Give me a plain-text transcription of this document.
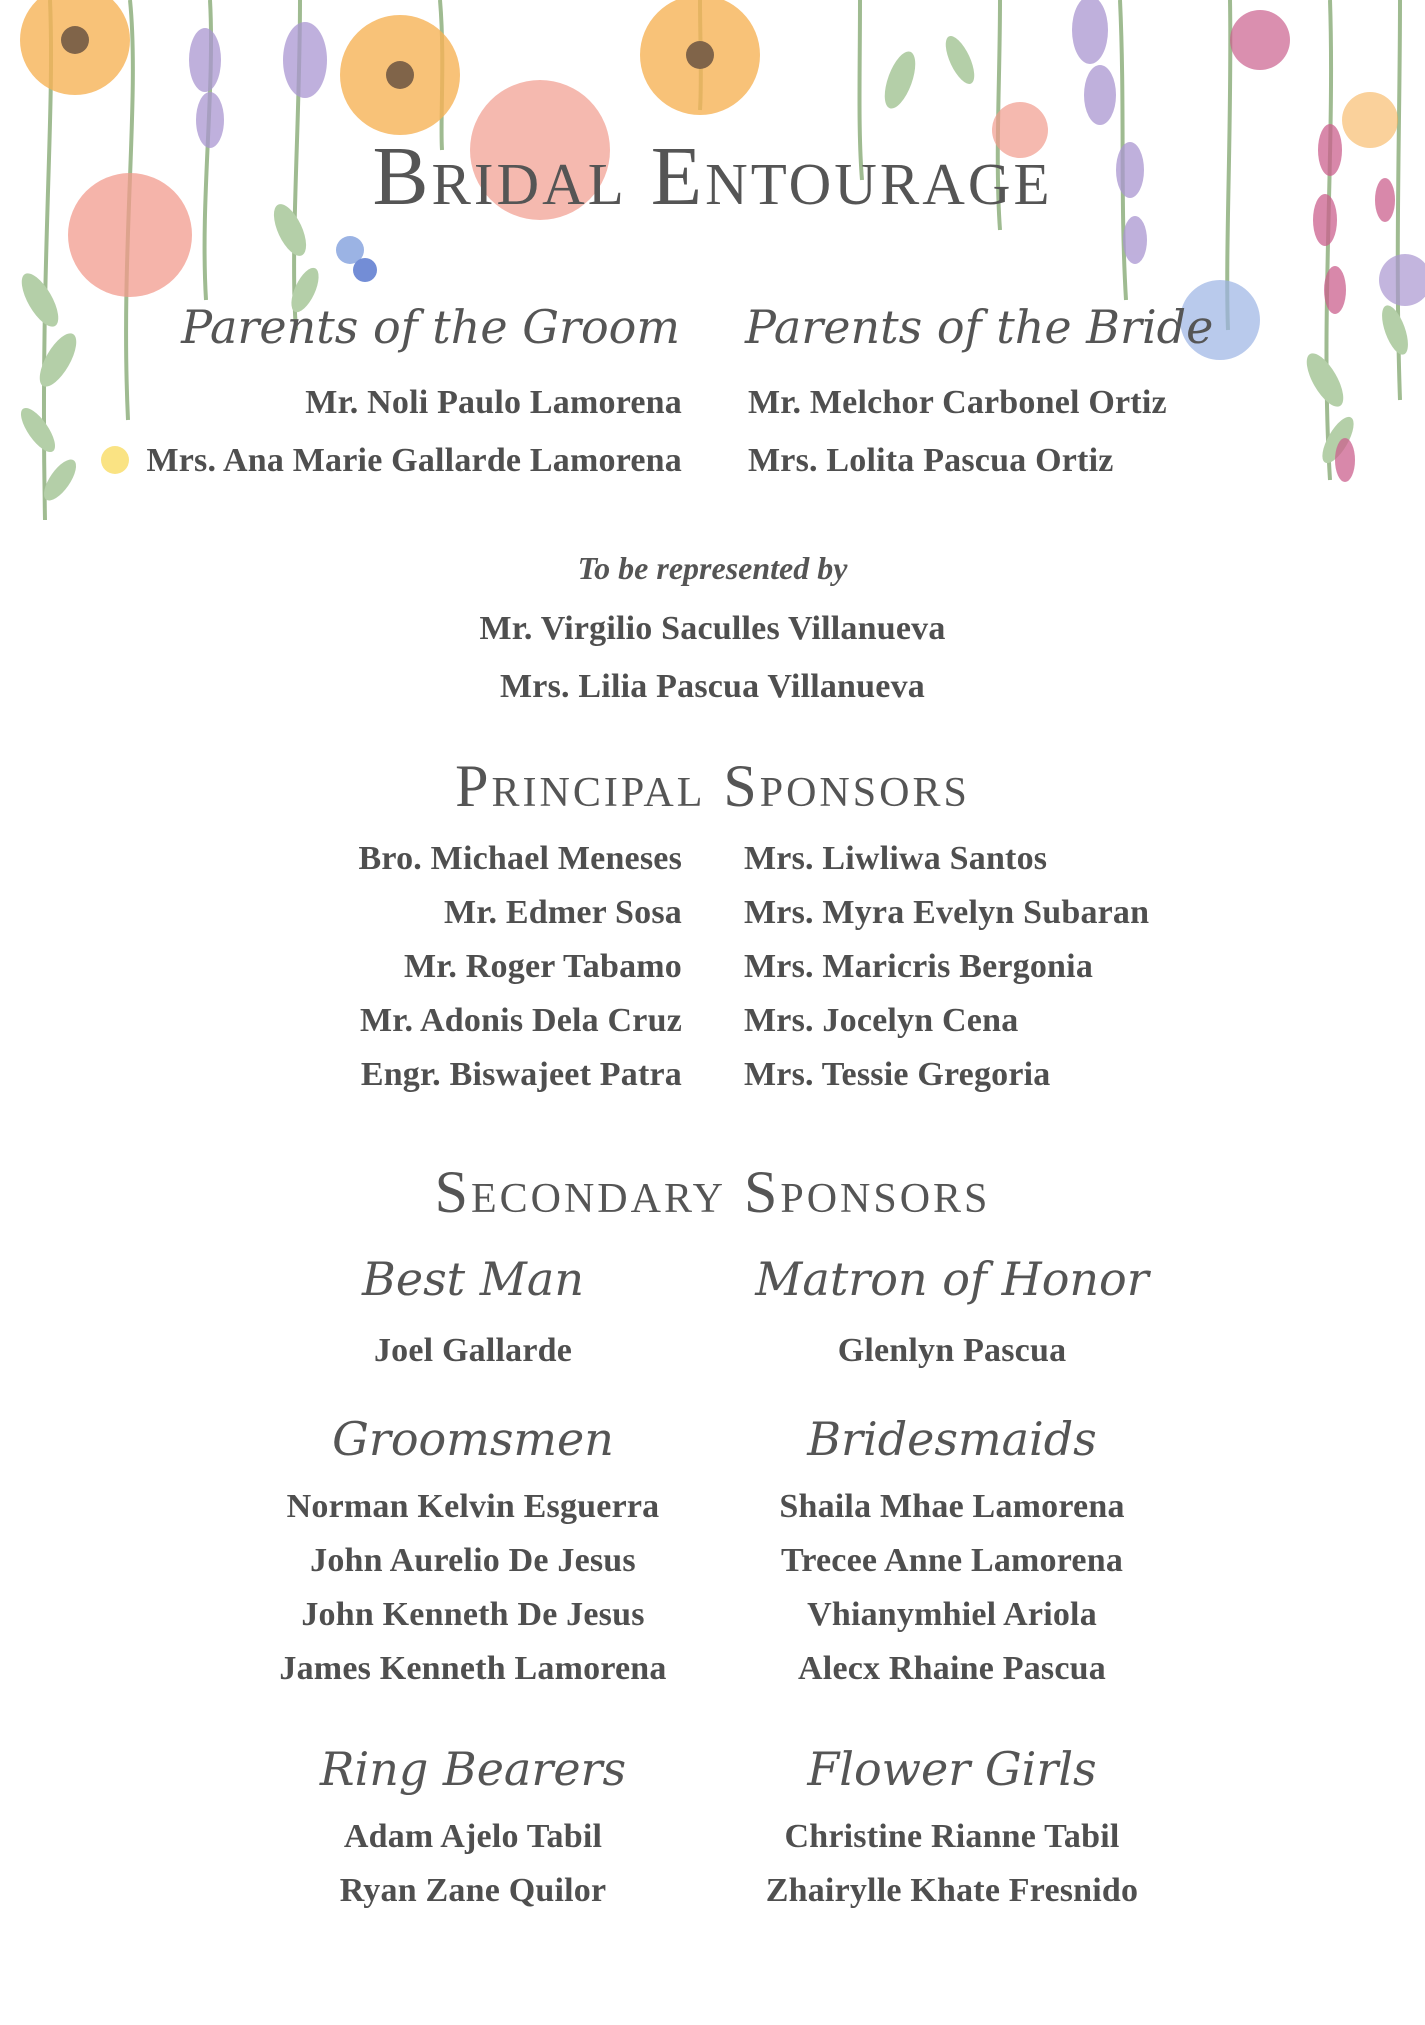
Bridal Entourage
Parents of the Groom Parents of the Bride
Mr. Noli Paulo Lamorena
Mrs. Ana Marie Gallarde Lamorena
Mr. Melchor Carbonel Ortiz
Mrs. Lolita Pascua Ortiz
To be represented by
Mr. Virgilio Saculles Villanueva
Mrs. Lilia Pascua Villanueva
Principal Sponsors
Bro. Michael Meneses
Mr. Edmer Sosa
Mr. Roger Tabamo
Mr. Adonis Dela Cruz
Engr. Biswajeet Patra
Mrs. Liwliwa Santos
Mrs. Myra Evelyn Subaran
Mrs. Maricris Bergonia
Mrs. Jocelyn Cena
Mrs. Tessie Gregoria
Secondary Sponsors
Best Man
Joel Gallarde
Matron of Honor
Glenlyn Pascua
Groomsmen
Norman Kelvin Esguerra
John Aurelio De Jesus
John Kenneth De Jesus
James Kenneth Lamorena
Bridesmaids
Shaila Mhae Lamorena
Trecee Anne Lamorena
Vhianymhiel Ariola
Alecx Rhaine Pascua
Ring Bearers
Adam Ajelo Tabil
Ryan Zane Quilor
Flower Girls
Christine Rianne Tabil
Zhairylle Khate Fresnido
